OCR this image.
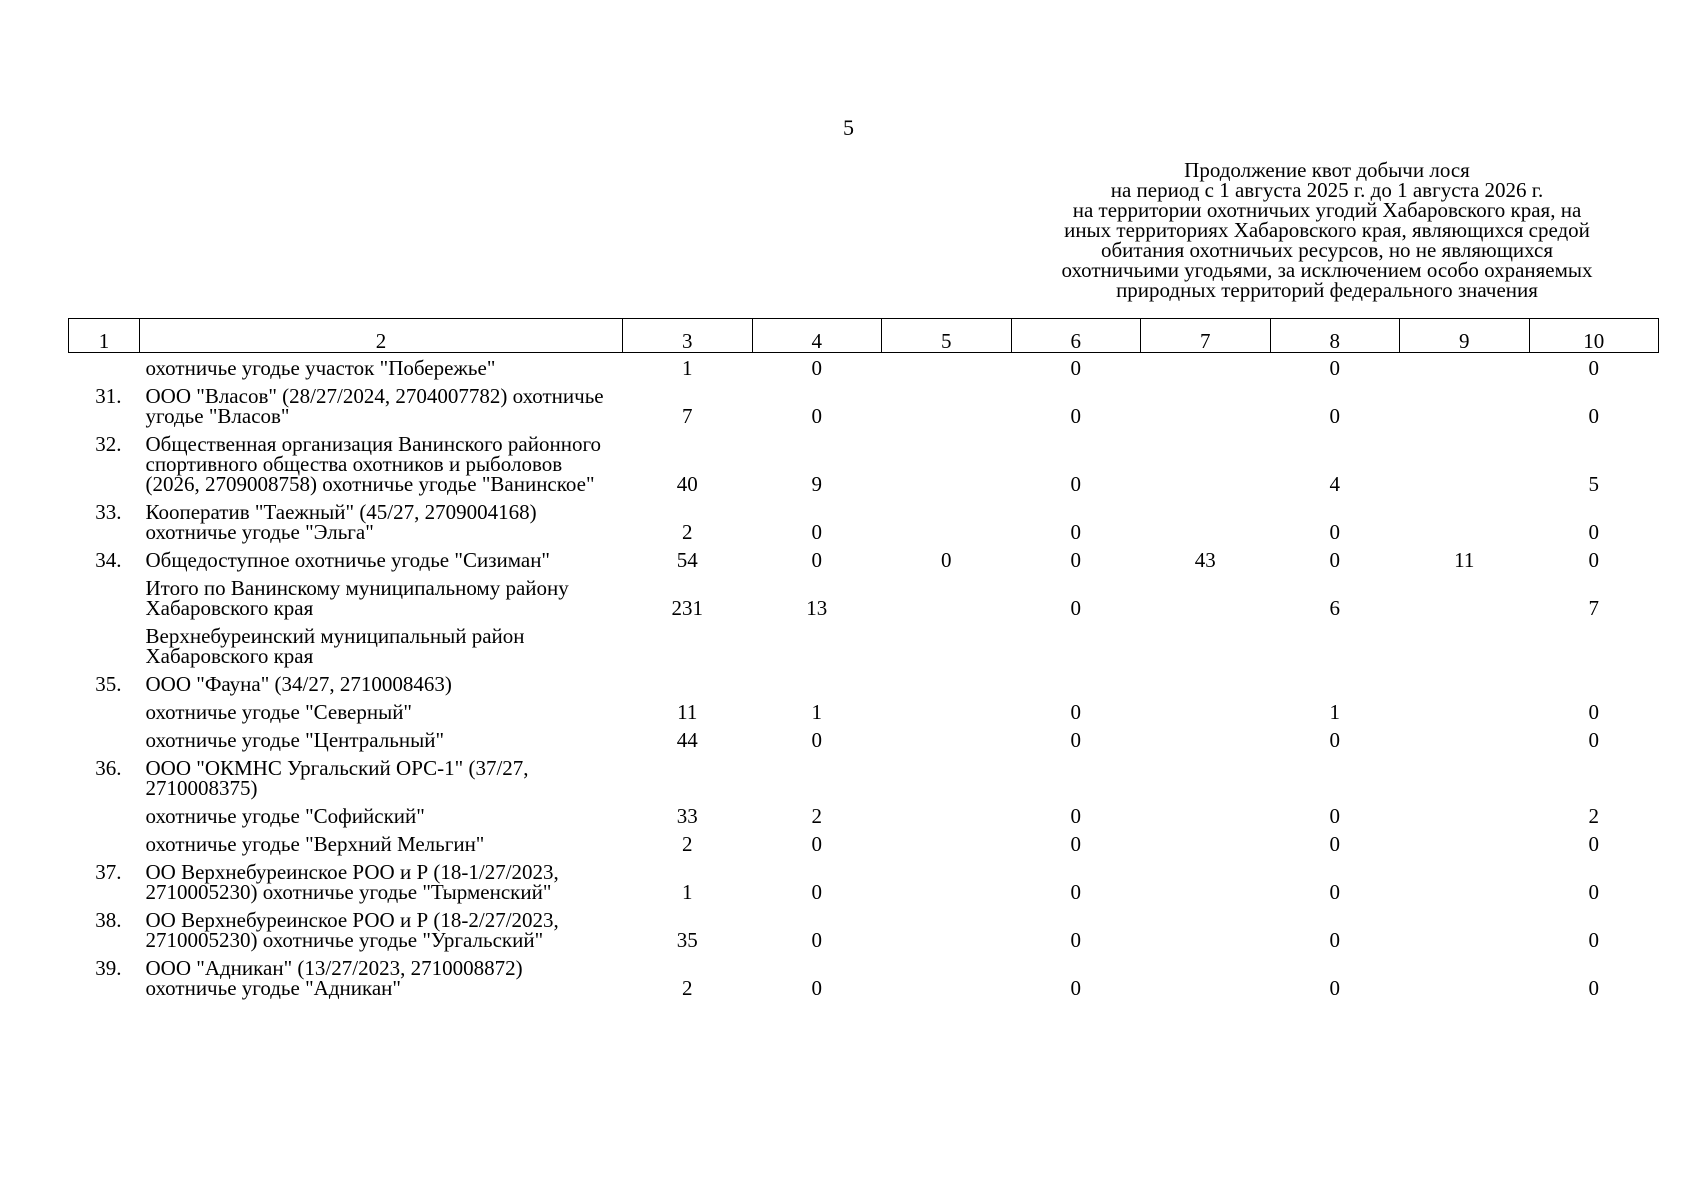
5
Продолжение квот добычи лося
на период с 1 августа 2025 г. до 1 августа 2026 г.
на территории охотничьих угодий Хабаровского края, на
иных территориях Хабаровского края, являющихся средой
обитания охотничьих ресурсов, но не являющихся
охотничьими угодьями, за исключением особо охраняемых
природных территорий федерального значения
1	2	3	4	5	6	7	8	9	10
	охотничье угодье участок "Побережье"	1	0		0		0		0
31.	ООО "Власов" (28/27/2024, 2704007782) охотничье угодье "Власов"	7	0		0		0		0
32.	Общественная организация Ванинского районного спортивного общества охотников и рыболовов (2026, 2709008758) охотничье угодье "Ванинское"	40	9		0		4		5
33.	Кооператив "Таежный" (45/27, 2709004168) охотничье угодье "Эльга"	2	0		0		0		0
34.	Общедоступное охотничье угодье "Сизиман"	54	0	0	0	43	0	11	0
	Итого по Ванинскому муниципальному району Хабаровского края	231	13		0		6		7
	Верхнебуреинский муниципальный район Хабаровского края								
35.	ООО "Фауна" (34/27, 2710008463)								
	охотничье угодье "Северный"	11	1		0		1		0
	охотничье угодье "Центральный"	44	0		0		0		0
36.	ООО "ОКМНС Ургальский ОРС-1" (37/27, 2710008375)								
	охотничье угодье "Софийский"	33	2		0		0		2
	охотничье угодье "Верхний Мельгин"	2	0		0		0		0
37.	ОО Верхнебуреинское РОО и Р (18-1/27/2023, 2710005230) охотничье угодье "Тырменский"	1	0		0		0		0
38.	ОО Верхнебуреинское РОО и Р (18-2/27/2023, 2710005230) охотничье угодье "Ургальский"	35	0		0		0		0
39.	ООО "Адникан" (13/27/2023, 2710008872) охотничье угодье "Адникан"	2	0		0		0		0
